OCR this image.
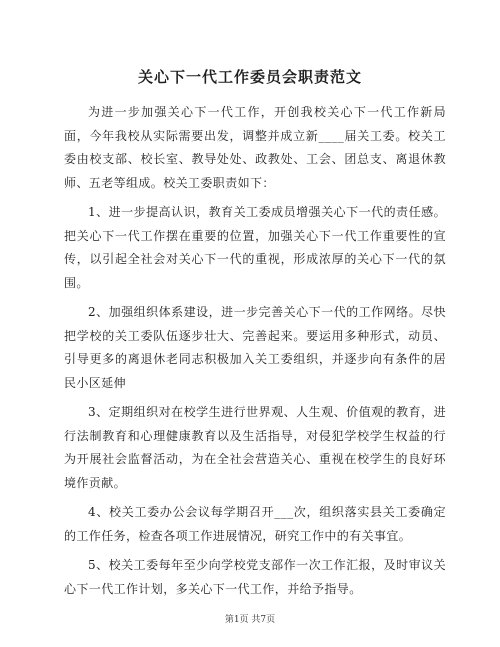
关心下一代工作委员会职责范文

为进一步加强关心下一代工作，开创我校关心下一代工作新局面，今年我校从实际需要出发，调整并成立新____届关工委。校关工委由校支部、校长室、教导处处、政教处、工会、团总支、离退休教师、五老等组成。校关工委职责如下：

1、进一步提高认识，教育关工委成员增强关心下一代的责任感。把关心下一代工作摆在重要的位置，加强关心下一代工作重要性的宣传，以引起全社会对关心下一代的重视，形成浓厚的关心下一代的氛围。

2、加强组织体系建设，进一步完善关心下一代的工作网络。尽快把学校的关工委队伍逐步壮大、完善起来。要运用多种形式，动员、引导更多的离退休老同志积极加入关工委组织，并逐步向有条件的居民小区延伸

3、定期组织对在校学生进行世界观、人生观、价值观的教育，进行法制教育和心理健康教育以及生活指导，对侵犯学校学生权益的行为开展社会监督活动，为在全社会营造关心、重视在校学生的良好环境作贡献。

4、校关工委办公会议每学期召开___次，组织落实县关工委确定的工作任务，检查各项工作进展情况，研究工作中的有关事宜。

5、校关工委每年至少向学校党支部作一次工作汇报，及时审议关心下一代工作计划，多关心下一代工作，并给予指导。

第1页 共7页
